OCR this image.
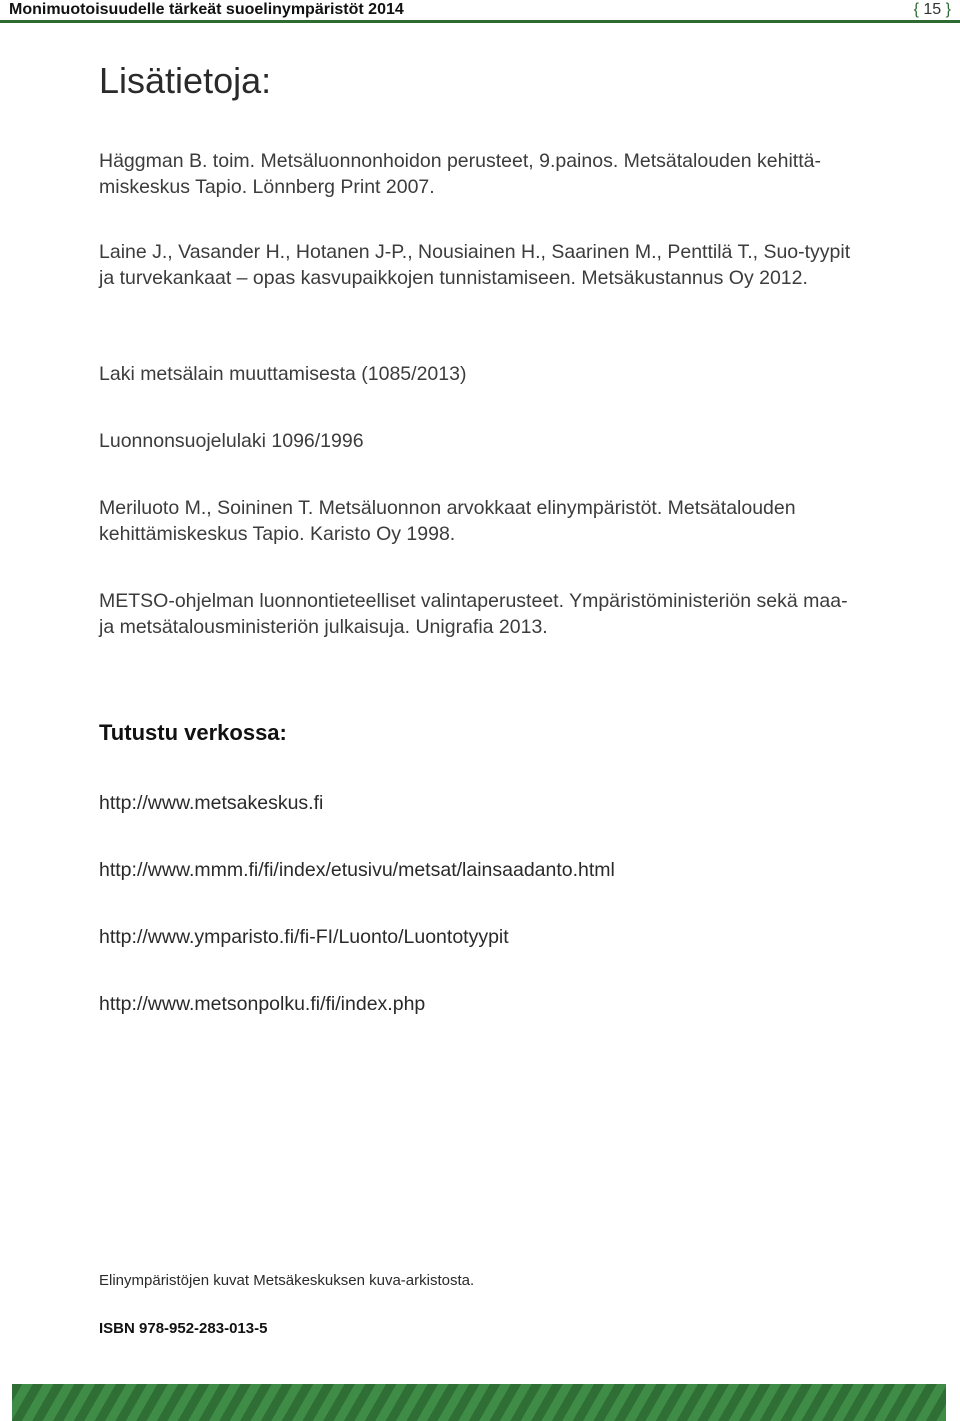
Monimuotoisuudelle tärkeät suoelinympäristöt 2014	{ 15 }
Lisätietoja:

Häggman B. toim. Metsäluonnonhoidon perusteet, 9.painos. Metsätalouden kehittä-miskeskus Tapio. Lönnberg Print 2007.

Laine J., Vasander H., Hotanen J-P., Nousiainen H., Saarinen M., Penttilä T., Suo-tyypit ja turvekankaat – opas kasvupaikkojen tunnistamiseen. Metsäkustannus Oy 2012.

Laki metsälain muuttamisesta (1085/2013)

Luonnonsuojelulaki 1096/1996

Meriluoto M., Soininen T. Metsäluonnon arvokkaat elinympäristöt. Metsätalouden kehittämiskeskus Tapio. Karisto Oy 1998.

METSO-ohjelman luonnontieteelliset valintaperusteet. Ympäristöministeriön sekä maa- ja metsätalousministeriön julkaisuja. Unigrafia 2013.

Tutustu verkossa:
http://www.metsakeskus.fi
http://www.mmm.fi/fi/index/etusivu/metsat/lainsaadanto.html
http://www.ymparisto.fi/fi-FI/Luonto/Luontotyypit
http://www.metsonpolku.fi/fi/index.php
Elinympäristöjen kuvat Metsäkeskuksen kuva-arkistosta.
ISBN 978-952-283-013-5
